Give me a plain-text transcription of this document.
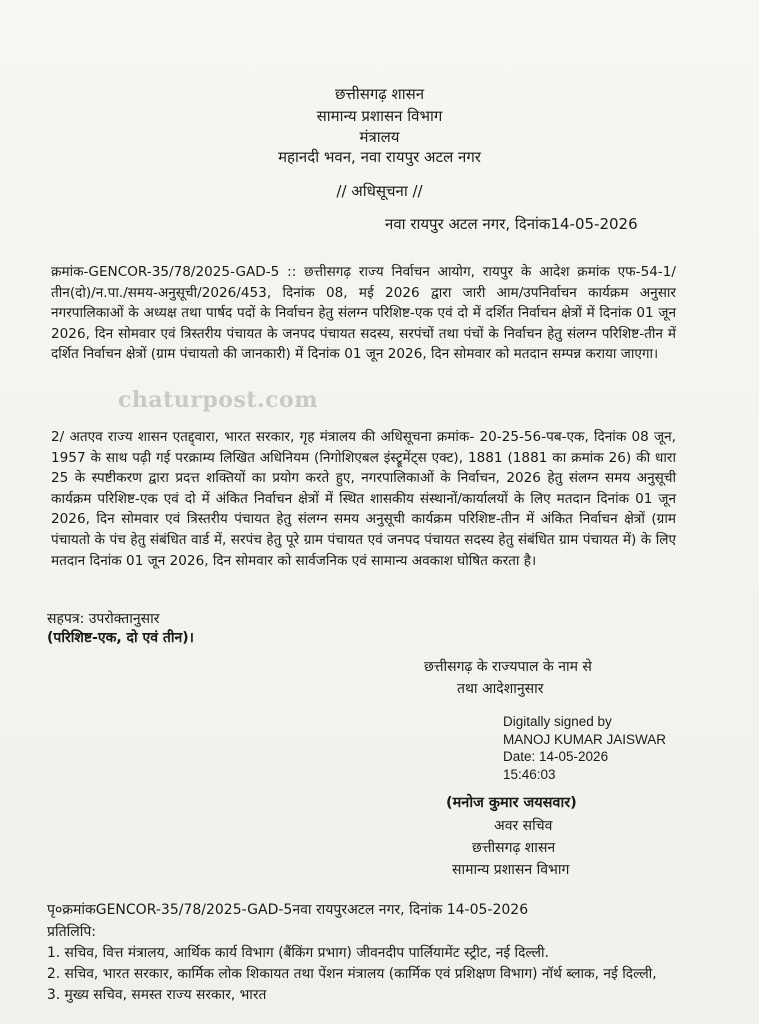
छत्तीसगढ़ शासन
सामान्य प्रशासन विभाग
मंत्रालय
महानदी भवन, नवा रायपुर अटल नगर
// अधिसूचना //
नवा रायपुर अटल नगर, दिनांक14-05-2026

क्रमांक-GENCOR-35/78/2025-GAD-5 :: छत्तीसगढ़ राज्य निर्वाचन आयोग, रायपुर के आदेश क्रमांक एफ-54-1/तीन(दो)/न.पा./समय-अनुसूची/2026/453, दिनांक 08, मई 2026 द्वारा जारी आम/उपनिर्वाचन कार्यक्रम अनुसार नगरपालिकाओं के अध्यक्ष तथा पार्षद पदों के निर्वाचन हेतु संलग्न परिशिष्ट-एक एवं दो में दर्शित निर्वाचन क्षेत्रों में दिनांक 01 जून 2026, दिन सोमवार एवं त्रिस्तरीय पंचायत के जनपद पंचायत सदस्य, सरपंचों तथा पंचों के निर्वाचन हेतु संलग्न परिशिष्ट-तीन में दर्शित निर्वाचन क्षेत्रों (ग्राम पंचायतो की जानकारी) में दिनांक 01 जून 2026, दिन सोमवार को मतदान सम्पन्न कराया जाएगा।

chaturpost.com

2/ अतएव राज्य शासन एतद्द्वारा, भारत सरकार, गृह मंत्रालय की अधिसूचना क्रमांक- 20-25-56-पब-एक, दिनांक 08 जून, 1957 के साथ पढ़ी गई परक्राम्य लिखित अधिनियम (निगोशिएबल इंस्ट्रूमेंट्स एक्ट), 1881 (1881 का क्रमांक 26) की धारा 25 के स्पष्टीकरण द्वारा प्रदत्त शक्तियों का प्रयोग करते हुए, नगरपालिकाओं के निर्वाचन, 2026 हेतु संलग्न समय अनुसूची कार्यक्रम परिशिष्ट-एक एवं दो में अंकित निर्वाचन क्षेत्रों में स्थित शासकीय संस्थानों/कार्यालयों के लिए मतदान दिनांक 01 जून 2026, दिन सोमवार एवं त्रिस्तरीय पंचायत हेतु संलग्न समय अनुसूची कार्यक्रम परिशिष्ट-तीन में अंकित निर्वाचन क्षेत्रों (ग्राम पंचायतो के पंच हेतु संबंधित वार्ड में, सरपंच हेतु पूरे ग्राम पंचायत एवं जनपद पंचायत सदस्य हेतु संबंधित ग्राम पंचायत में) के लिए मतदान दिनांक 01 जून 2026, दिन सोमवार को सार्वजनिक एवं सामान्य अवकाश घोषित करता है।

सहपत्र: उपरोक्तानुसार
(परिशिष्ट-एक, दो एवं तीन)।
छत्तीसगढ़ के राज्यपाल के नाम से
तथा आदेशानुसार
Digitally signed by
MANOJ KUMAR JAISWAR
Date: 14-05-2026
15:46:03
(मनोज कुमार जयसवार)
अवर सचिव
छत्तीसगढ़ शासन
सामान्य प्रशासन विभाग
पृ०क्रमांकGENCOR-35/78/2025-GAD-5नवा रायपुरअटल नगर, दिनांक 14-05-2026
प्रतिलिपि:
1. सचिव, वित्त मंत्रालय, आर्थिक कार्य विभाग (बैंकिंग प्रभाग) जीवनदीप पार्लियामेंट स्ट्रीट, नई दिल्ली.
2. सचिव, भारत सरकार, कार्मिक लोक शिकायत तथा पेंशन मंत्रालय (कार्मिक एवं प्रशिक्षण विभाग) नॉर्थ ब्लाक, नई दिल्ली,
3. मुख्य सचिव, समस्त राज्य सरकार, भारत
